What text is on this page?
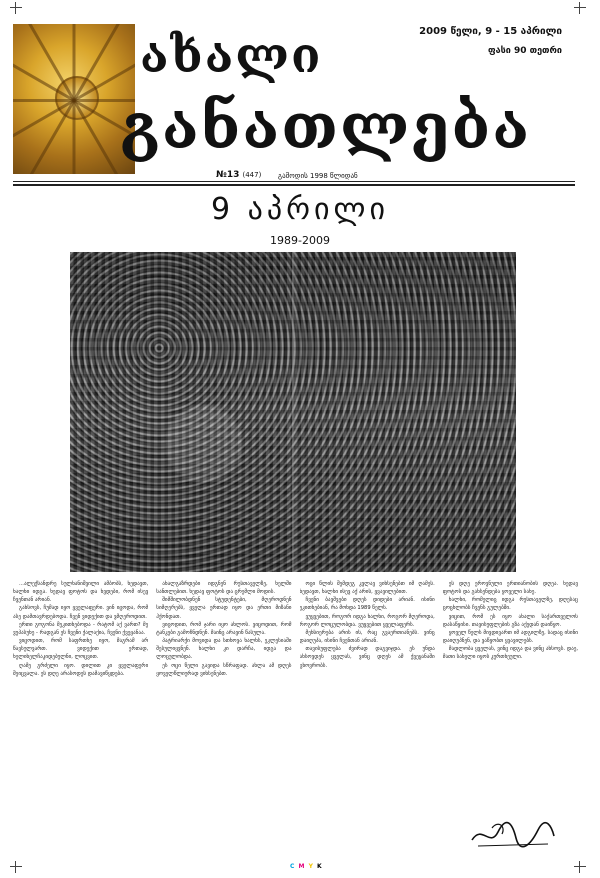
ახალი
განათლება
2009 წელი, 9 - 15 აპრილი
ფასი 90 თეთრი
№13 (447) გამოდის 1998 წლიდან
9 აპრილი
1989-2009

...ალექსანდრე სულხანიშვილი ამბობს, ხედავთ, ხალხი იდგა. ხედავ ფოტოს და ხვდები, რომ ისევ ჩვენთან არიან.

გახსოვს, ჩუმად იყო ყველაფერი. ვინ იცოდა, რომ ასე დამთავრდებოდა. ჩვენ ვიდექით და ვმღეროდით.

ერთი გოგონა მეკითხებოდა - რატომ აქ ვართ? მე ვუპასუხე - რადგან ეს ჩვენი ქალაქია, ჩვენი ქვეყანაა.

ვიცოდით, რომ საფრთხე იყო, მაგრამ არ წავსულვართ. ვიდექით ერთად, ხელიხელჩაკიდებულნი, ლოცვით.

ღამე გრძელი იყო. დილით კი ყველაფერი შეიცვალა. ეს დღე არასოდეს დამავიწყდება.

ახალგაზრდები იდგნენ რუსთაველზე, ხელში სანთლებით. ხედავ ფოტოს და ცრემლი მოდის.

შიმშილობდნენ სტუდენტები, მღეროდნენ სიმღერებს, ყველა ერთად იყო და ერთი მიზანი ჰქონდათ.

ვიცოდით, რომ ჯარი იყო ახლოს. ვიცოდით, რომ ტანკები გამოჩნდნენ. მაინც არავინ წასულა.

პატრიარქი მოვიდა და სთხოვა ხალხს, ეკლესიაში შესულიყვნენ. ხალხი კი დარჩა, იდგა და ლოცულობდა.

ეს ოცი წელი გავიდა სწრაფად. ახლა ამ დღეს ყოველწლიურად ვიხსენებთ.

ოცი წლის შემდეგ კვლავ ვიხსენებთ იმ ღამეს. ხედავთ, ხალხი ისევ აქ არის, ყვავილებით.

ჩვენი ბავშვები დღეს დიდები არიან. ისინი ეკითხებიან, რა მოხდა 1989 წელს.

ვუყვებით, როგორ იდგა ხალხი, როგორ მღეროდა, როგორ ლოცულობდა. ვუყვებით ყველაფერს.

მეხსიერება არის ის, რაც გვაერთიანებს. ვინც დაიღუპა, ისინი ჩვენთან არიან.

თავისუფლება ძვირად დაგვიჯდა. ეს უნდა ახსოვდეს ყველას, ვინც დღეს ამ ქვეყანაში ცხოვრობს.

ეს დღე ეროვნული ერთიანობის დღეა. ხედავ ფოტოს და გახსენდება ყოველი სახე.

ხალხი, რომელიც იდგა რუსთაველზე, დღესაც ცოცხლობს ჩვენს გულებში.

ვიცით, რომ ეს იყო ახალი საქართველოს დასაწყისი. თავისუფლების გზა აქედან დაიწყო.

ყოველ წელს მივდივართ იმ ადგილზე, სადაც ისინი დაიღუპნენ, და ვაწყობთ ყვავილებს.

მადლობა ყველას, ვინც იდგა და ვინც ახსოვს. დაე, მათი სახელი იყოს კურთხეული.

C M Y K
